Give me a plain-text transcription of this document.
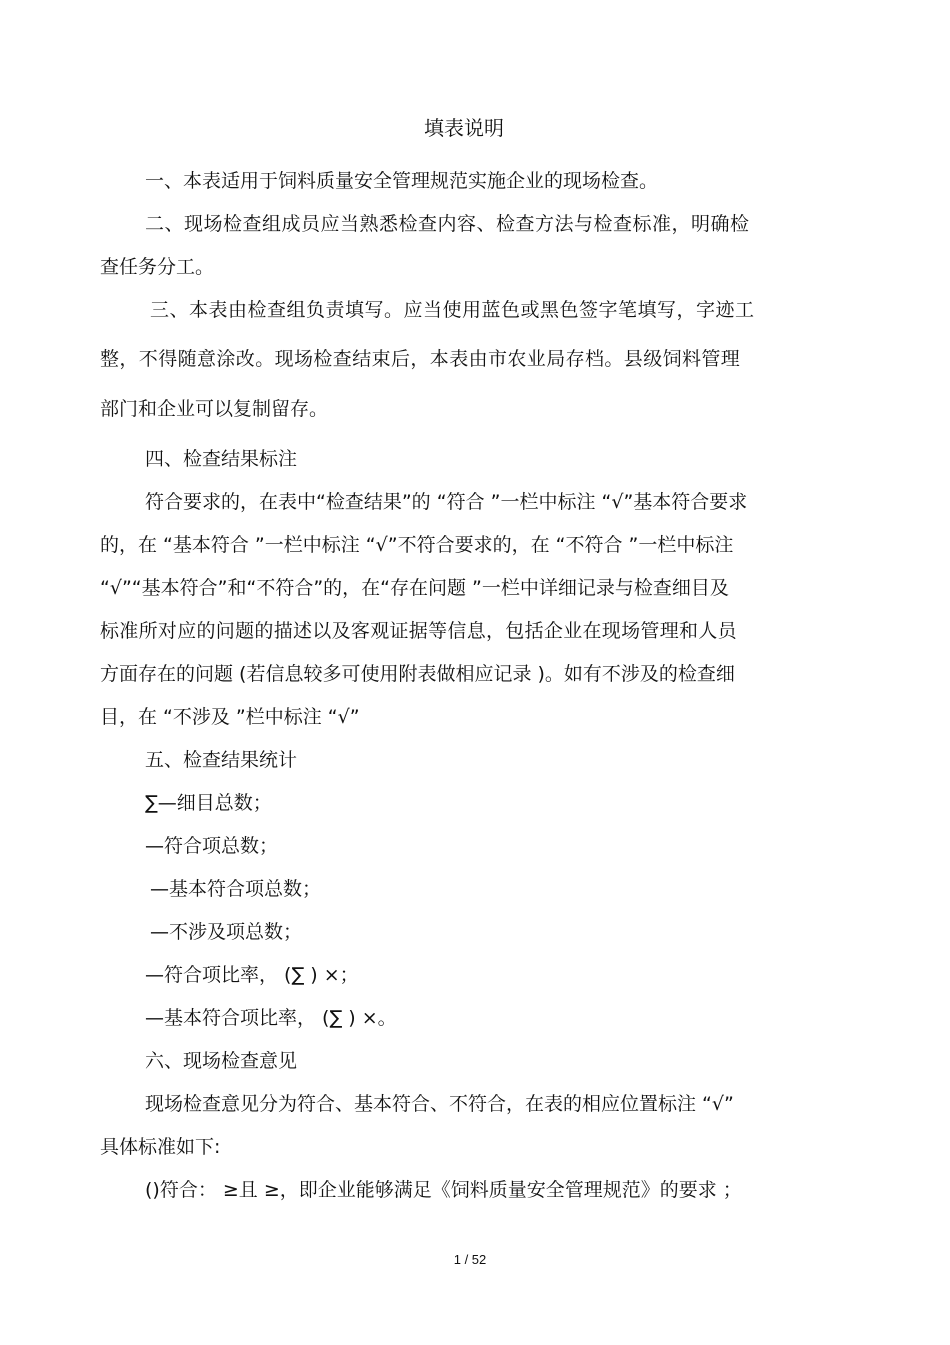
填表说明
一、本表适用于饲料质量安全管理规范实施企业的现场检查。
二、现场检查组成员应当熟悉检查内容、检查方法与检查标准，明确检
查任务分工。
三、本表由检查组负责填写。应当使用蓝色或黑色签字笔填写，字迹工
整，不得随意涂改。现场检查结束后，本表由市农业局存档。县级饲料管理
部门和企业可以复制留存。
四、检查结果标注
符合要求的，在表中“检查结果”的 “符合 ”一栏中标注 “√”基本符合要求
的，在 “基本符合 ”一栏中标注 “√”不符合要求的，在 “不符合 ”一栏中标注
“√”“基本符合”和“不符合”的，在“存在问题 ”一栏中详细记录与检查细目及
标准所对应的问题的描述以及客观证据等信息，包括企业在现场管理和人员
方面存在的问题 (若信息较多可使用附表做相应记录 )。如有不涉及的检查细
目，在 “不涉及 ”栏中标注 “√”
五、检查结果统计
∑—细目总数；
—符合项总数；
—基本符合项总数；
—不涉及项总数；
—符合项比率， (∑ ) ×；
—基本符合项比率， (∑ ) ×。
六、现场检查意见
现场检查意见分为符合、基本符合、不符合，在表的相应位置标注 “√”
具体标准如下:
()符合： ≥且 ≥，即企业能够满足《饲料质量安全管理规范》的要求 ；
1 / 52
